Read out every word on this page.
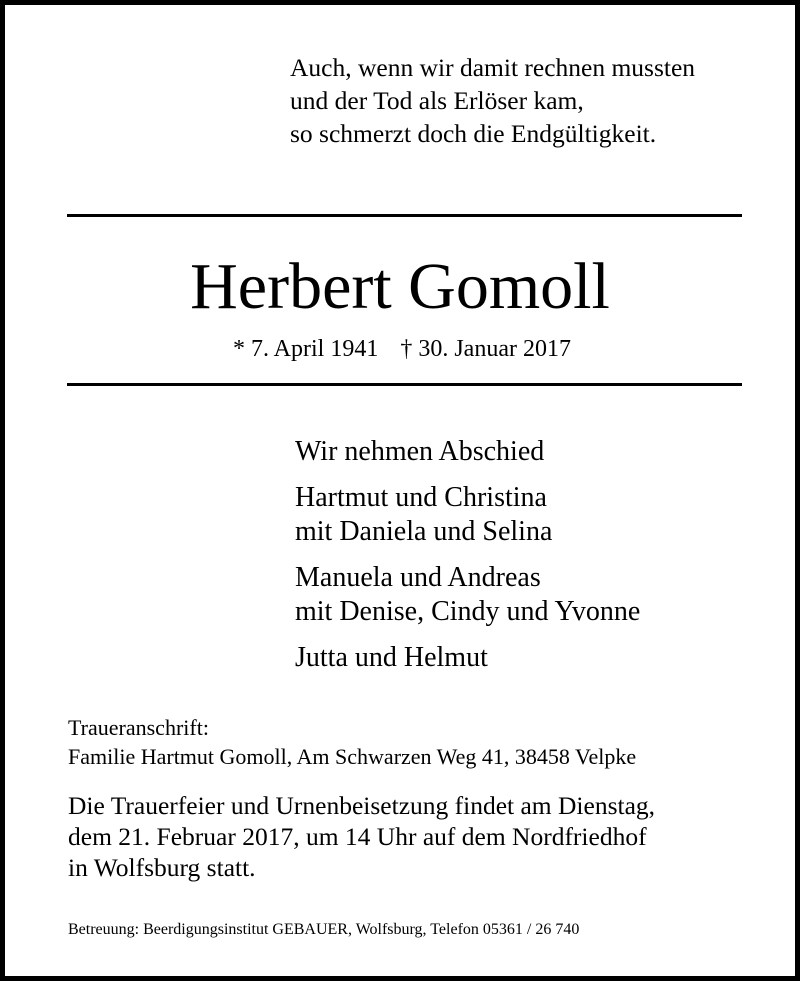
Auch, wenn wir damit rechnen mussten
und der Tod als Erlöser kam,
so schmerzt doch die Endgültigkeit.
Herbert Gomoll
* 7. April 1941 † 30. Januar 2017
Wir nehmen Abschied
Hartmut und Christina
mit Daniela und Selina
Manuela und Andreas
mit Denise, Cindy und Yvonne
Jutta und Helmut
Traueranschrift:
Familie Hartmut Gomoll, Am Schwarzen Weg 41, 38458 Velpke
Die Trauerfeier und Urnenbeisetzung findet am Dienstag,
dem 21. Februar 2017, um 14 Uhr auf dem Nordfriedhof
in Wolfsburg statt.
Betreuung: Beerdigungsinstitut GEBAUER, Wolfsburg, Telefon 05361 / 26 740
